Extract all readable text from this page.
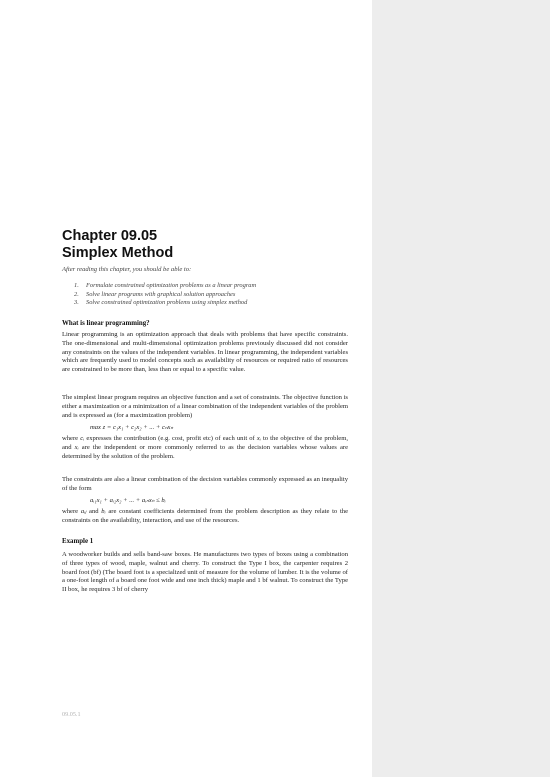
Chapter 09.05
Simplex Method
After reading this chapter, you should be able to:
1. Formulate constrained optimization problems as a linear program
2. Solve linear programs with graphical solution approaches
3. Solve constrained optimization problems using simplex method
What is linear programming?
Linear programming is an optimization approach that deals with problems that have specific constraints. The one-dimensional and multi-dimensional optimization problems previously discussed did not consider any constraints on the values of the independent variables. In linear programming, the independent variables which are frequently used to model concepts such as availability of resources or required ratio of resources are constrained to be more than, less than or equal to a specific value.
The simplest linear program requires an objective function and a set of constraints. The objective function is either a maximization or a minimization of a linear combination of the independent variables of the problem and is expressed as (for a maximization problem)
max z = c₁x₁ + c₂x₂ + ... + cₙxₙ
where cᵢ expresses the contribution (e.g. cost, profit etc) of each unit of xᵢ to the objective of the problem, and xᵢ are the independent or more commonly referred to as the decision variables whose values are determined by the solution of the problem.
The constraints are also a linear combination of the decision variables commonly expressed as an inequality of the form
aᵢ₁x₁ + aᵢ₂x₂ + ... + aᵢₙxₙ ≤ bᵢ
where aᵢⱼ and bᵢ are constant coefficients determined from the problem description as they relate to the constraints on the availability, interaction, and use of the resources.
Example 1
A woodworker builds and sells band-saw boxes. He manufactures two types of boxes using a combination of three types of wood, maple, walnut and cherry. To construct the Type I box, the carpenter requires 2 board foot (bf) (The board foot is a specialized unit of measure for the volume of lumber. It is the volume of a one-foot length of a board one foot wide and one inch thick) maple and 1 bf walnut. To construct the Type II box, he requires 3 bf of cherry
09.05.1
